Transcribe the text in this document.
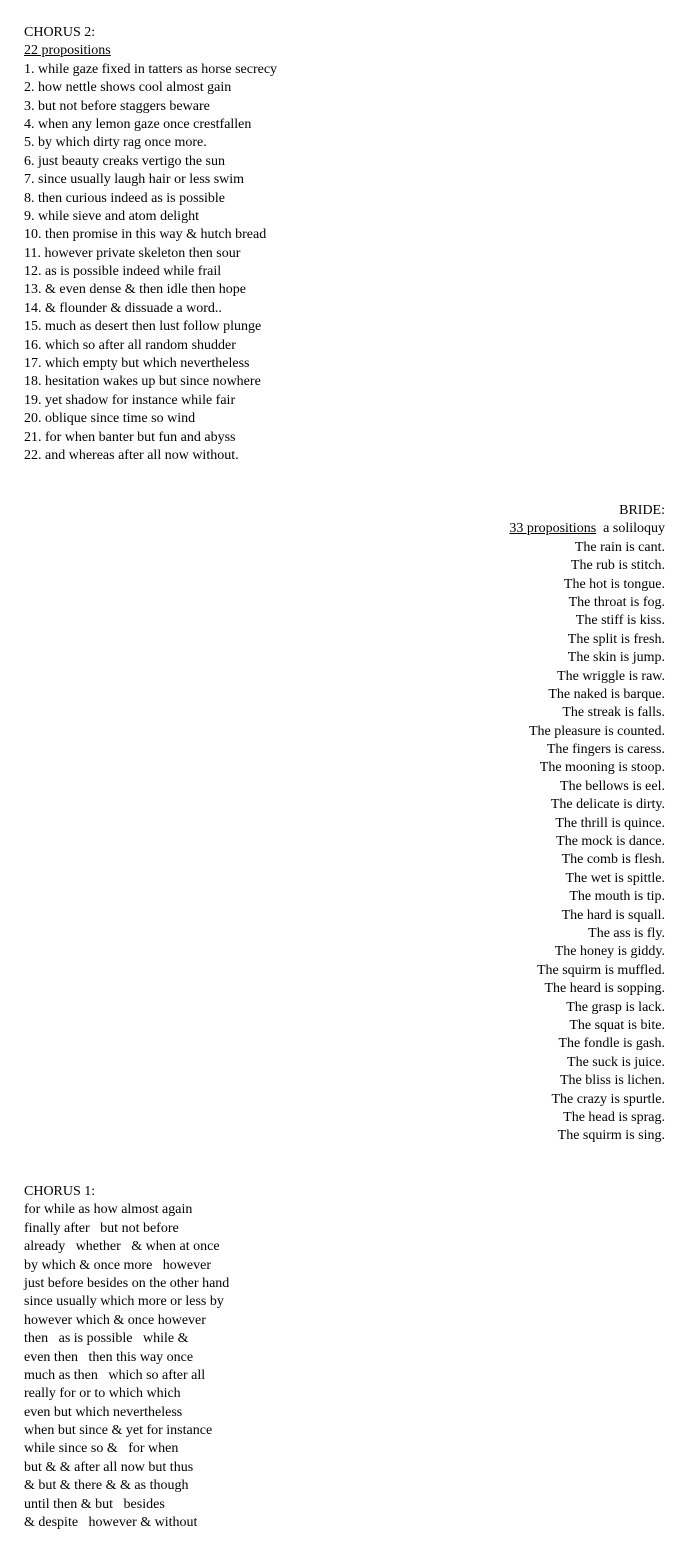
CHORUS 2:
22 propositions
1. while gaze fixed in tatters as horse secrecy
2. how nettle shows cool almost gain
3. but not before staggers beware
4. when any lemon gaze once crestfallen
5. by which dirty rag once more.
6. just beauty creaks vertigo the sun
7. since usually laugh hair or less swim
8. then curious indeed as is possible
9. while sieve and atom delight
10. then promise in this way & hutch bread
11. however private skeleton then sour
12. as is possible indeed while frail
13. & even dense & then idle then hope
14. & flounder & dissuade a word..
15. much as desert then lust follow plunge
16. which so after all random shudder
17. which empty but which nevertheless
18. hesitation wakes up but since nowhere
19. yet shadow for instance while fair
20. oblique since time so wind
21. for when banter but fun and abyss
22. and whereas after all now without.
BRIDE:
33 propositions  a soliloquy
The rain is cant.
The rub is stitch.
The hot is tongue.
The throat is fog.
The stiff is kiss.
The split is fresh.
The skin is jump.
The wriggle is raw.
The naked is barque.
The streak is falls.
The pleasure is counted.
The fingers is caress.
The mooning is stoop.
The bellows is eel.
The delicate is dirty.
The thrill is quince.
The mock is dance.
The comb is flesh.
The wet is spittle.
The mouth is tip.
The hard is squall.
The ass is fly.
The honey is giddy.
The squirm is muffled.
The heard is sopping.
The grasp is lack.
The squat is bite.
The fondle is gash.
The suck is juice.
The bliss is lichen.
The crazy is spurtle.
The head is sprag.
The squirm is sing.
CHORUS 1:
for while as how almost again
finally after   but not before
already   whether   & when at once
by which & once more   however
just before besides on the other hand
since usually which more or less by
however which & once however
then   as is possible   while &
even then   then this way once
much as then   which so after all
really for or to which which
even but which nevertheless
when but since & yet for instance
while since so &   for when
but & & after all now but thus
& but & there & & as though
until then & but   besides
& despite   however & without
